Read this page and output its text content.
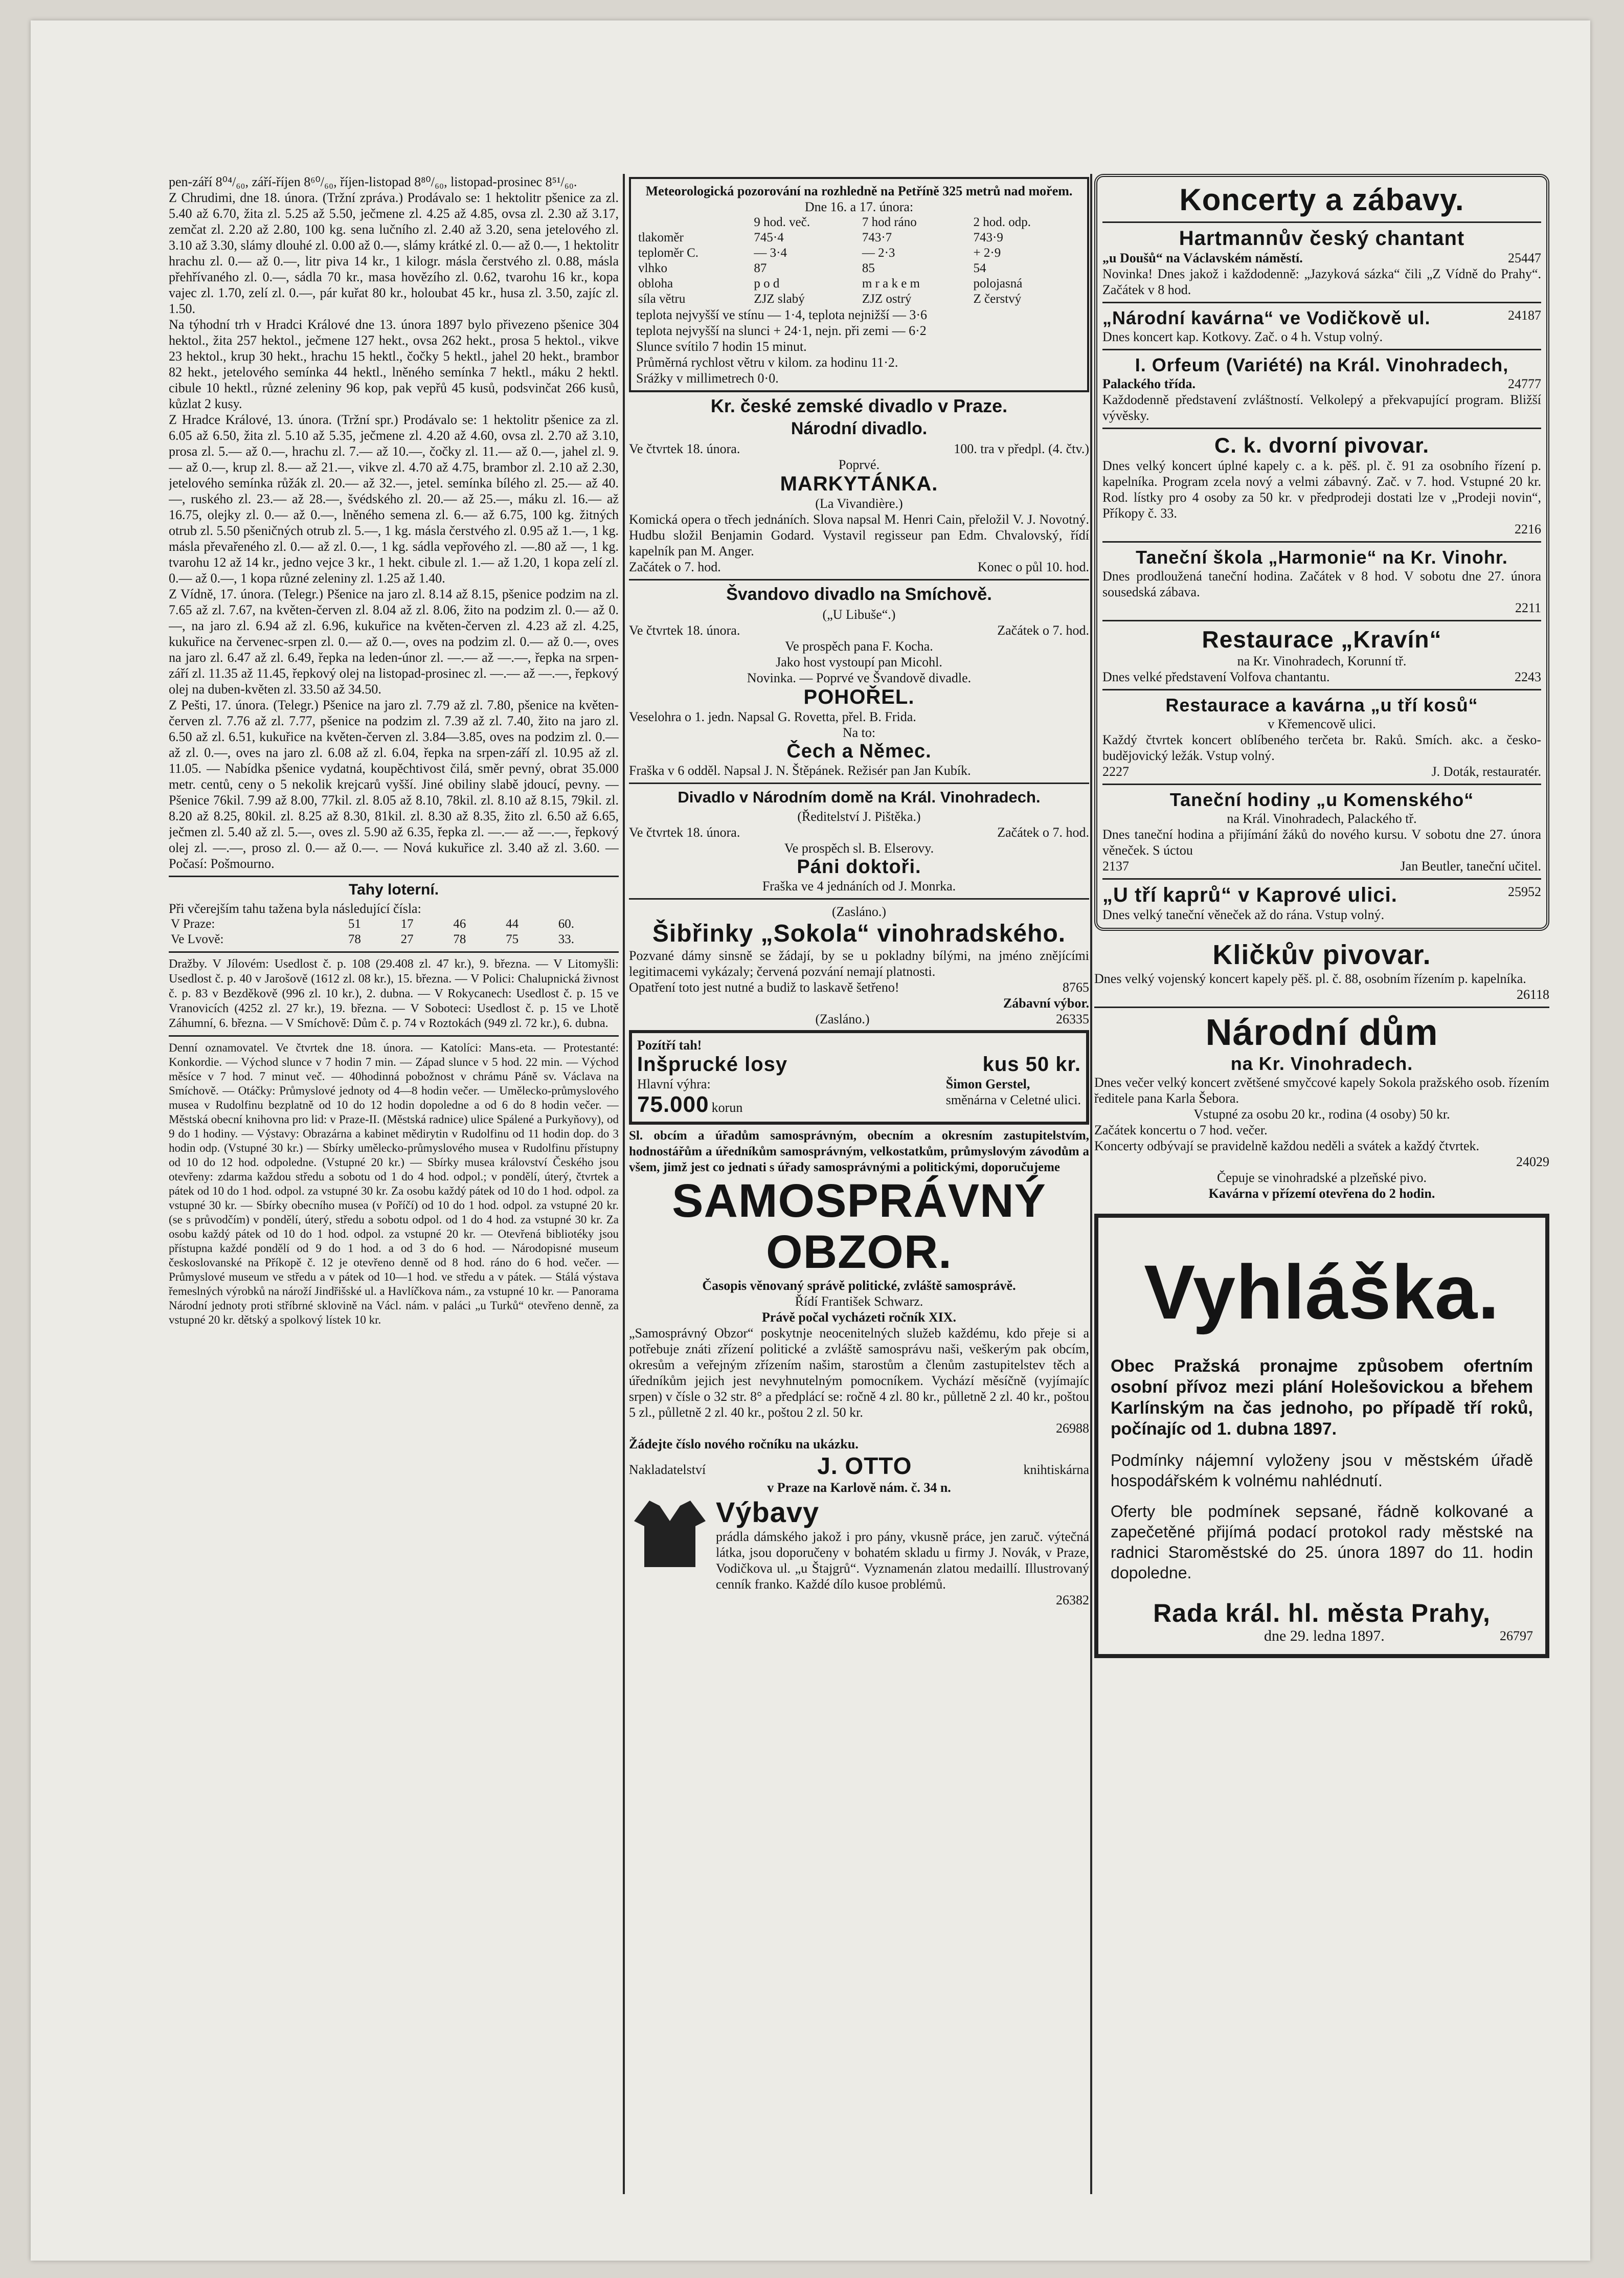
pen-září 8⁰⁴/₆₀, září-říjen 8⁶⁰/₆₀, říjen-listopad 8⁸⁰/₆₀, listopad-prosinec 8⁵¹/₆₀.

Z Chrudimi, dne 18. února. (Tržní zpráva.) Prodávalo se: 1 hektolitr pšenice za zl. 5.40 až 6.70, žita zl. 5.25 až 5.50, ječmene zl. 4.25 až 4.85, ovsa zl. 2.30 až 3.17, zemčat zl. 2.20 až 2.80, 100 kg. sena lučního zl. 2.40 až 3.20, sena jetelového zl. 3.10 až 3.30, slámy dlouhé zl. 0.00 až 0.—, slámy krátké zl. 0.— až 0.—, 1 hektolitr hrachu zl. 0.— až 0.—, litr piva 14 kr., 1 kilogr. másla čerstvého zl. 0.88, másla přehřívaného zl. 0.—, sádla 70 kr., masa hovězího zl. 0.62, tvarohu 16 kr., kopa vajec zl. 1.70, zelí zl. 0.—, pár kuřat 80 kr., holoubat 45 kr., husa zl. 3.50, zajíc zl. 1.50.

Na týhodní trh v Hradci Králové dne 13. února 1897 bylo přivezeno pšenice 304 hektol., žita 257 hektol., ječmene 127 hekt., ovsa 262 hekt., prosa 5 hektol., vikve 23 hektol., krup 30 hekt., hrachu 15 hektl., čočky 5 hektl., jahel 20 hekt., brambor 82 hekt., jetelového semínka 44 hektl., lněného semínka 7 hektl., máku 2 hektl. cibule 10 hektl., různé zeleniny 96 kop, pak vepřů 45 kusů, podsvinčat 266 kusů, kůzlat 2 kusy.

Z Hradce Králové, 13. února. (Tržní spr.) Prodávalo se: 1 hektolitr pšenice za zl. 6.05 až 6.50, žita zl. 5.10 až 5.35, ječmene zl. 4.20 až 4.60, ovsa zl. 2.70 až 3.10, prosa zl. 5.— až 0.—, hrachu zl. 7.— až 10.—, čočky zl. 11.— až 0.—, jahel zl. 9.— až 0.—, krup zl. 8.— až 21.—, vikve zl. 4.70 až 4.75, brambor zl. 2.10 až 2.30, jetelového semínka růžák zl. 20.— až 32.—, jetel. semínka bílého zl. 25.— až 40.—, ruského zl. 23.— až 28.—, švédského zl. 20.— až 25.—, máku zl. 16.— až 16.75, olejky zl. 0.— až 0.—, lněného semena zl. 6.— až 6.75, 100 kg. žitných otrub zl. 5.50 pšeničných otrub zl. 5.—, 1 kg. másla čerstvého zl. 0.95 až 1.—, 1 kg. másla převařeného zl. 0.— až zl. 0.—, 1 kg. sádla vepřového zl. —.80 až —, 1 kg. tvarohu 12 až 14 kr., jedno vejce 3 kr., 1 hekt. cibule zl. 1.— až 1.20, 1 kopa zelí zl. 0.— až 0.—, 1 kopa různé zeleniny zl. 1.25 až 1.40.

Z Vídně, 17. února. (Telegr.) Pšenice na jaro zl. 8.14 až 8.15, pšenice podzim na zl. 7.65 až zl. 7.67, na květen-červen zl. 8.04 až zl. 8.06, žito na podzim zl. 0.— až 0.—, na jaro zl. 6.94 až zl. 6.96, kukuřice na květen-červen zl. 4.23 až zl. 4.25, kukuřice na červenec-srpen zl. 0.— až 0.—, oves na podzim zl. 0.— až 0.—, oves na jaro zl. 6.47 až zl. 6.49, řepka na leden-únor zl. —.— až —.—, řepka na srpen-září zl. 11.35 až 11.45, řepkový olej na listopad-prosinec zl. —.— až —.—, řepkový olej na duben-květen zl. 33.50 až 34.50.

Z Pešti, 17. února. (Telegr.) Pšenice na jaro zl. 7.79 až zl. 7.80, pšenice na květen-červen zl. 7.76 až zl. 7.77, pšenice na podzim zl. 7.39 až zl. 7.40, žito na jaro zl. 6.50 až zl. 6.51, kukuřice na květen-červen zl. 3.84—3.85, oves na podzim zl. 0.— až zl. 0.—, oves na jaro zl. 6.08 až zl. 6.04, řepka na srpen-září zl. 10.95 až zl. 11.05. — Nabídka pšenice vydatná, koupěchtivost čilá, směr pevný, obrat 35.000 metr. centů, ceny o 5 nekolik krejcarů vyšší. Jiné obiliny slabě jdoucí, pevny. — Pšenice 76kil. 7.99 až 8.00, 77kil. zl. 8.05 až 8.10, 78kil. zl. 8.10 až 8.15, 79kil. zl. 8.20 až 8.25, 80kil. zl. 8.25 až 8.30, 81kil. zl. 8.30 až 8.35, žito zl. 6.50 až 6.65, ječmen zl. 5.40 až zl. 5.—, oves zl. 5.90 až 6.35, řepka zl. —.— až —.—, řepkový olej zl. —.—, proso zl. 0.— až 0.—. — Nová kukuřice zl. 3.40 až zl. 3.60. — Počasí: Pošmourno.

Tahy loterní.

Při včerejším tahu tažena byla následující čísla:

V Praze:	51	17	46	44	60.
Ve Lvově:	78	27	78	75	33.

Dražby. V Jílovém: Usedlost č. p. 108 (29.408 zl. 47 kr.), 9. března. — V Litomyšli: Usedlost č. p. 40 v Jarošově (1612 zl. 08 kr.), 15. března. — V Polici: Chalupnická živnost č. p. 83 v Bezděkově (996 zl. 10 kr.), 2. dubna. — V Rokycanech: Usedlost č. p. 15 ve Vranovicích (4252 zl. 27 kr.), 19. března. — V Soboteci: Usedlost č. p. 15 ve Lhotě Záhumní, 6. března. — V Smíchově: Dům č. p. 74 v Roztokách (949 zl. 72 kr.), 6. dubna.

Denní oznamovatel. Ve čtvrtek dne 18. února. — Katolíci: Mans-eta. — Protestanté: Konkordie. — Východ slunce v 7 hodin 7 min. — Západ slunce v 5 hod. 22 min. — Východ měsíce v 7 hod. 7 minut več. — 40hodinná pobožnost v chrámu Páně sv. Václava na Smíchově. — Otáčky: Průmyslové jednoty od 4—8 hodin večer. — Umělecko-průmyslového musea v Rudolfinu bezplatně od 10 do 12 hodin dopoledne a od 6 do 8 hodin večer. — Městská obecní knihovna pro lid: v Praze-II. (Městská radnice) ulice Spálené a Purkyňovy), od 9 do 1 hodiny. — Výstavy: Obrazárna a kabinet mědirytin v Rudolfinu od 11 hodin dop. do 3 hodin odp. (Vstupné 30 kr.) — Sbírky umělecko-průmyslového musea v Rudolfinu přístupny od 10 do 12 hod. odpoledne. (Vstupné 20 kr.) — Sbírky musea království Českého jsou otevřeny: zdarma každou středu a sobotu od 1 do 4 hod. odpol.; v pondělí, úterý, čtvrtek a pátek od 10 do 1 hod. odpol. za vstupné 30 kr. Za osobu každý pátek od 10 do 1 hod. odpol. za vstupné 30 kr. — Sbírky obecního musea (v Poříčí) od 10 do 1 hod. odpol. za vstupné 20 kr. (se s průvodčím) v pondělí, úterý, středu a sobotu odpol. od 1 do 4 hod. za vstupné 30 kr. Za osobu každý pátek od 10 do 1 hod. odpol. za vstupné 20 kr. — Otevřená bibliotéky jsou přístupna každé pondělí od 9 do 1 hod. a od 3 do 6 hod. — Národopisné museum českoslovanské na Příkopě č. 12 je otevřeno denně od 8 hod. ráno do 6 hod. večer. — Průmyslové museum ve středu a v pátek od 10—1 hod. ve středu a v pátek. — Stálá výstava řemeslných výrobků na nároží Jindřišské ul. a Havlíčkova nám., za vstupné 10 kr. — Panorama Národní jednoty proti stříbrné sklovině na Václ. nám. v paláci „u Turků“ otevřeno denně, za vstupné 20 kr. dětský a spolkový lístek 10 kr.

Meteorologická pozorování na rozhledně na Petříně 325 metrů nad mořem.

Dne 16. a 17. února:

	9 hod. več.	7 hod ráno	2 hod. odp.
tlakoměr	745·4	743·7	743·9
teploměr C.	— 3·4	— 2·3	+ 2·9
vlhko	87	85	54
obloha	p o d	m r a k e m	polojasná
síla větru	ZJZ slabý	ZJZ ostrý	Z čerstvý

teplota nejvyšší ve stínu — 1·4, teplota nejnižší — 3·6

teplota nejvyšší na slunci + 24·1, nejn. při zemi — 6·2

Slunce svítilo 7 hodin 15 minut.

Průměrná rychlost větru v kilom. za hodinu 11·2.

Srážky v millimetrech 0·0.

Kr. české zemské divadlo v Praze.
Národní divadlo.
Ve čtvrtek 18. února.	100. tra v předpl. (4. čtv.)

Poprvé.

MARKYTÁNKA.

(La Vivandière.)

Komická opera o třech jednáních. Slova napsal M. Henri Cain, přeložil V. J. Novotný. Hudbu složil Benjamin Godard. Vystavil regisseur pan Edm. Chvalovský, řídí kapelník pan M. Anger.

Začátek o 7. hod.	Konec o půl 10. hod.
Švandovo divadlo na Smíchově.

(„U Libuše“.)

Ve čtvrtek 18. února.	Začátek o 7. hod.

Ve prospěch pana F. Kocha.

Jako host vystoupí pan Micohl.

Novinka. — Poprvé ve Švandově divadle.

POHOŘEL.

Veselohra o 1. jedn. Napsal G. Rovetta, přel. B. Frida.

Na to:

Čech a Němec.

Fraška v 6 odděl. Napsal J. N. Štěpánek. Režisér pan Jan Kubík.

Divadlo v Národním domě na Král. Vinohradech.

(Ředitelství J. Pištěka.)

Ve čtvrtek 18. února.	Začátek o 7. hod.

Ve prospěch sl. B. Elserovy.

Páni doktoři.

Fraška ve 4 jednáních od J. Monrka.

(Zasláno.)

Šibřinky „Sokola“ vinohradského.

Pozvané dámy sinsně se žádají, by se u pokladny bílými, na jméno znějícími legitimacemi vykázaly; červená pozvání nemají platnosti.

Opatření toto jest nutné a budiž to laskavě šetřeno!	8765

Zábavní výbor.

(Zasláno.)	26335

Pozítří tah!

Inšprucké losy	kus 50 kr.

Hlavní výhra:

75.000 korun

Šimon Gerstel,

směnárna v Celetné ulici.

Sl. obcím a úřadům samosprávným, obecním a okresním zastupitelstvím, hodnostářům a úředníkům samosprávným, velkostatkům, průmyslovým závodům a všem, jimž jest co jednati s úřady samosprávnými a politickými, doporučujeme

SAMOSPRÁVNÝ
OBZOR.

Časopis věnovaný správě politické, zvláště samosprávě.

Řídí František Schwarz.

Právě počal vycházeti ročník XIX.

„Samosprávný Obzor“ poskytnje neocenitelných služeb každému, kdo přeje si a potřebuje znáti zřízení politické a zvláště samosprávu naši, veškerým pak obcím, okresům a veřejným zřízením našim, starostům a členům zastupitelstev těch a úředníkům jejich jest nevyhnutelným pomocníkem. Vychází měsíčně (vyjímajíc srpen) v čísle o 32 str. 8° a předplácí se: ročně 4 zl. 80 kr., půlletně 2 zl. 40 kr., poštou 5 zl., půlletně 2 zl. 40 kr., poštou 2 zl. 50 kr.

26988

Žádejte číslo nového ročníku na ukázku.

Nakladatelství	J. OTTO	knihtiskárna

v Praze na Karlově nám. č. 34 n.

Výbavy

prádla dámského jakož i pro pány, vkusně práce, jen zaruč. výtečná látka, jsou doporučeny v bohatém skladu u firmy J. Novák, v Praze, Vodičkova ul. „u Štajgrů“. Vyznamenán zlatou medaillí. Illustrovaný cenník franko. Každé dílo kusoe problémů.

26382

Koncerty a zábavy.
Hartmannův český chantant
„u Doušů“ na Václavském náměstí.	25447

Novinka! Dnes jakož i každodenně: „Jazyková sázka“ čili „Z Vídně do Prahy“. Začátek v 8 hod.

„Národní kavárna“ ve Vodičkově ul.	24187

Dnes koncert kap. Kotkovy. Zač. o 4 h. Vstup volný.

I. Orfeum (Variété) na Král. Vinohradech,
Palackého třída.	24777

Každodenně představení zvláštností. Velkolepý a překvapující program. Bližší vývěsky.

C. k. dvorní pivovar.

Dnes velký koncert úplné kapely c. a k. pěš. pl. č. 91 za osobního řízení p. kapelníka. Program zcela nový a velmi zábavný. Zač. v 7. hod. Vstupné 20 kr. Rod. lístky pro 4 osoby za 50 kr. v předprodeji dostati lze v „Prodeji novin“, Příkopy č. 33.

2216

Taneční škola „Harmonie“ na Kr. Vinohr.

Dnes prodloužená taneční hodina. Začátek v 8 hod. V sobotu dne 27. února sousedská zábava.

2211

Restaurace „Kravín“

na Kr. Vinohradech, Korunní tř.

Dnes velké představení Volfova chantantu.	2243
Restaurace a kavárna „u tří kosů“

v Křemencově ulici.

Každý čtvrtek koncert oblíbeného terčeta br. Raků. Smích. akc. a česko-budějovický ležák. Vstup volný.

2227	J. Doták, restauratér.
Taneční hodiny „u Komenského“

na Král. Vinohradech, Palackého tř.

Dnes taneční hodina a přijímání žáků do nového kursu. V sobotu dne 27. února věneček. S úctou

2137	Jan Beutler, taneční učitel.
„U tří kaprů“ v Kaprové ulici.	25952

Dnes velký taneční věneček až do rána. Vstup volný.

Kličkův pivovar.

Dnes velký vojenský koncert kapely pěš. pl. č. 88, osobním řízením p. kapelníka.

26118

Národní dům
na Kr. Vinohradech.

Dnes večer velký koncert zvětšené smyčcové kapely Sokola pražského osob. řízením ředitele pana Karla Šebora.

Vstupné za osobu 20 kr., rodina (4 osoby) 50 kr.

Začátek koncertu o 7 hod. večer.

Koncerty odbývají se pravidelně každou neděli a svátek a každý čtvrtek.

24029

Čepuje se vinohradské a plzeňské pivo.

Kavárna v přízemí otevřena do 2 hodin.

Vyhláška.

Obec Pražská pronajme způsobem ofertním osobní přívoz mezi plání Holešovickou a břehem Karlínským na čas jednoho, po případě tří roků, počínajíc od 1. dubna 1897.

Podmínky nájemní vyloženy jsou v městském úřadě hospodářském k volnému nahlédnutí.

Oferty ble podmínek sepsané, řádně kolkované a zapečetěné přijímá podací protokol rady městské na radnici Staroměstské do 25. února 1897 do 11. hodin dopoledne.

Rada král. hl. města Prahy,
dne 29. ledna 1897.	26797
